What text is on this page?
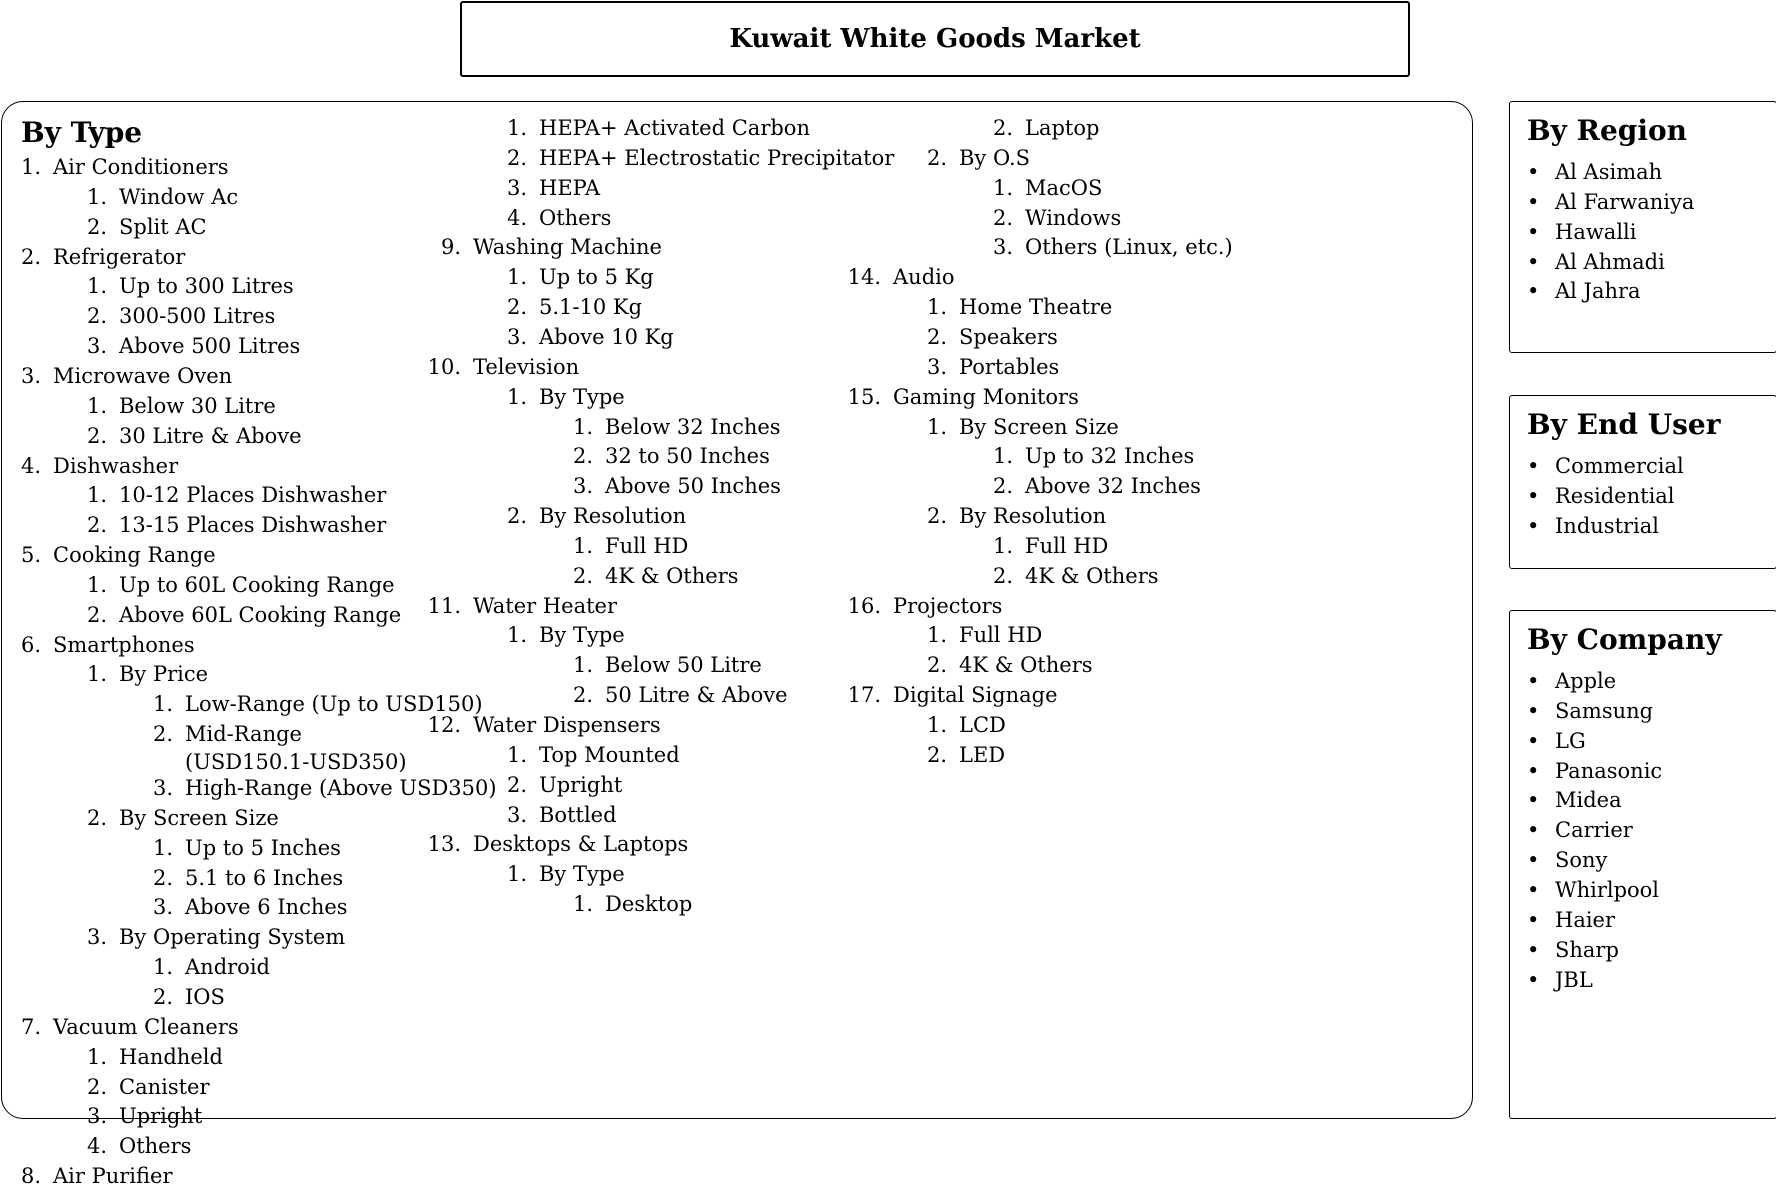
Kuwait White Goods Market
By Type
1. Air Conditioners
1. Window Ac
2. Split AC
2. Refrigerator
1. Up to 300 Litres
2. 300-500 Litres
3. Above 500 Litres
3. Microwave Oven
1. Below 30 Litre
2. 30 Litre & Above
4. Dishwasher
1. 10-12 Places Dishwasher
2. 13-15 Places Dishwasher
5. Cooking Range
1. Up to 60L Cooking Range
2. Above 60L Cooking Range
6. Smartphones
1. By Price
1. Low-Range (Up to USD150)
2. Mid-Range (USD150.1-USD350)
3. High-Range (Above USD350)
2. By Screen Size
1. Up to 5 Inches
2. 5.1 to 6 Inches
3. Above 6 Inches
3. By Operating System
1. Android
2. IOS
7. Vacuum Cleaners
1. Handheld
2. Canister
3. Upright
4. Others
8. Air Purifier
1. HEPA+ Activated Carbon
2. HEPA+ Electrostatic Precipitator
3. HEPA
4. Others
9. Washing Machine
1. Up to 5 Kg
2. 5.1-10 Kg
3. Above 10 Kg
10. Television
1. By Type
1. Below 32 Inches
2. 32 to 50 Inches
3. Above 50 Inches
2. By Resolution
1. Full HD
2. 4K & Others
11. Water Heater
1. By Type
1. Below 50 Litre
2. 50 Litre & Above
12. Water Dispensers
1. Top Mounted
2. Upright
3. Bottled
13. Desktops & Laptops
1. By Type
1. Desktop
2. Laptop
2. By O.S
1. MacOS
2. Windows
3. Others (Linux, etc.)
14. Audio
1. Home Theatre
2. Speakers
3. Portables
15. Gaming Monitors
1. By Screen Size
1. Up to 32 Inches
2. Above 32 Inches
2. By Resolution
1. Full HD
2. 4K & Others
16. Projectors
1. Full HD
2. 4K & Others
17. Digital Signage
1. LCD
2. LED
By Region
• Al Asimah
• Al Farwaniya
• Hawalli
• Al Ahmadi
• Al Jahra
By End User
• Commercial
• Residential
• Industrial
By Company
• Apple
• Samsung
• LG
• Panasonic
• Midea
• Carrier
• Sony
• Whirlpool
• Haier
• Sharp
• JBL
